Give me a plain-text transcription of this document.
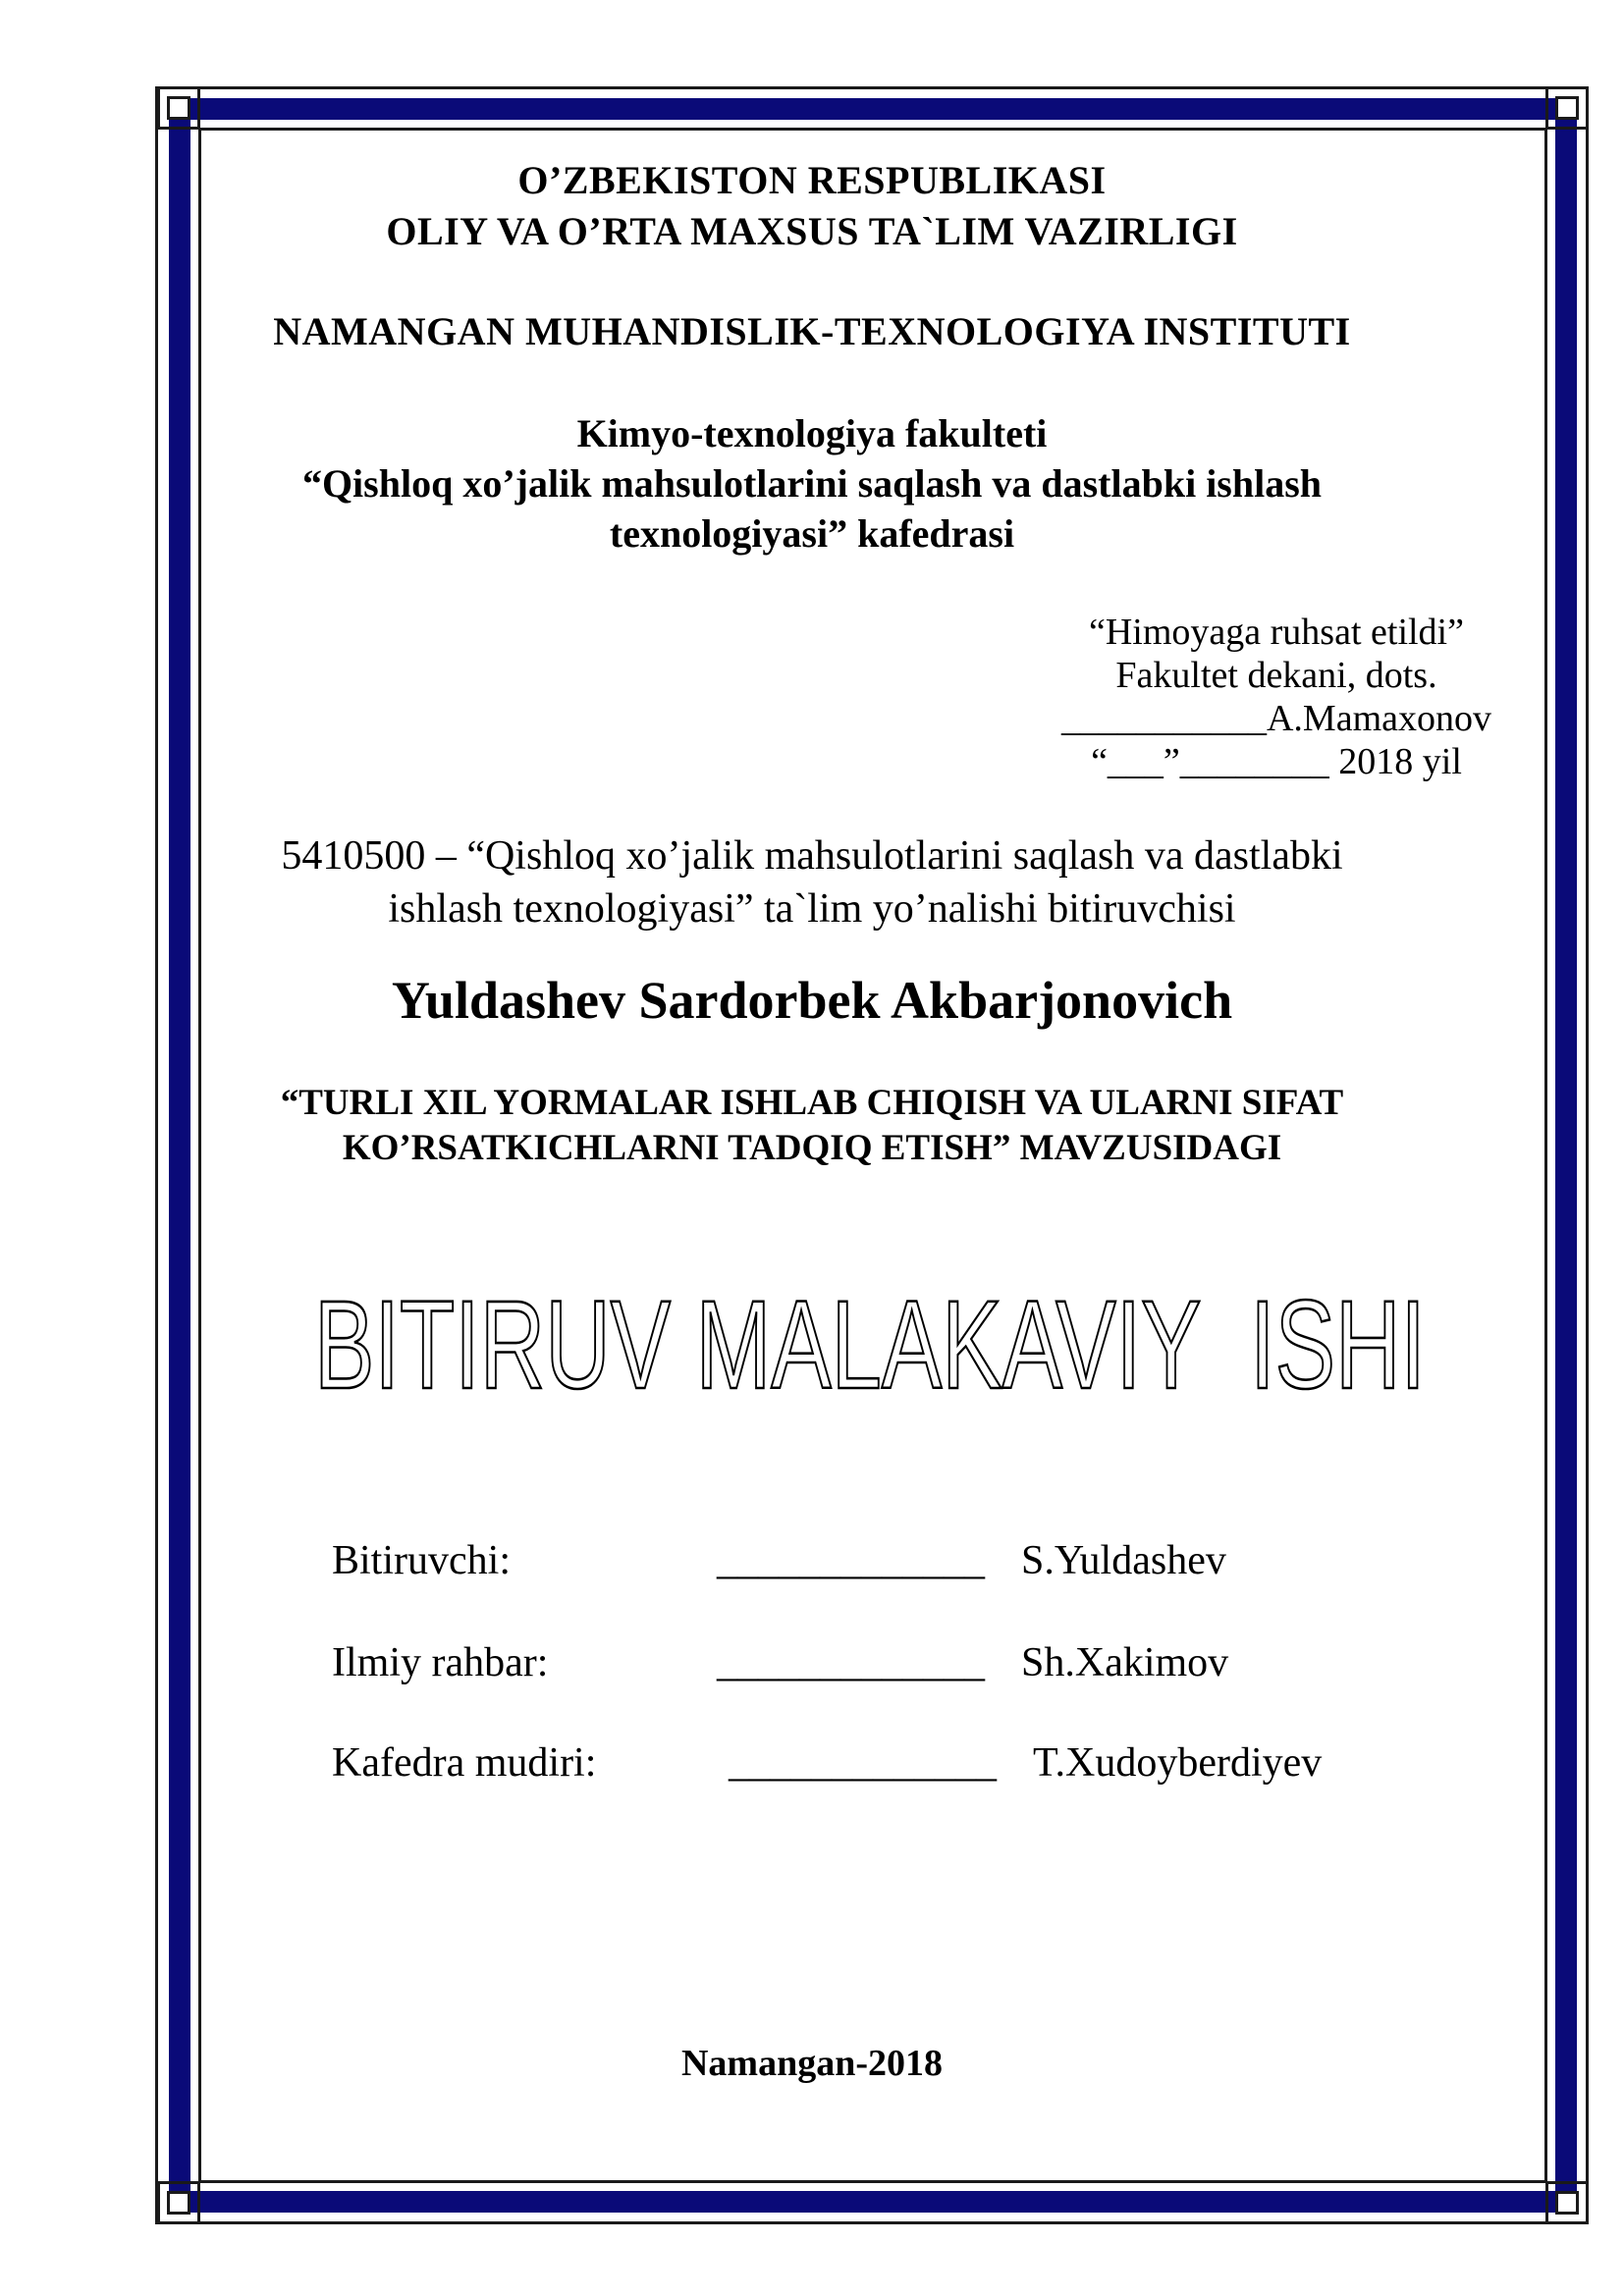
O’ZBEKISTON RESPUBLIKASI
OLIY VA O’RTA MAXSUS TA`LIM VAZIRLIGI
NAMANGAN MUHANDISLIK-TEXNOLOGIYA INSTITUTI
Kimyo-texnologiya fakulteti
“Qishloq xo’jalik mahsulotlarini saqlash va dastlabki ishlash
texnologiyasi” kafedrasi
“Himoyaga ruhsat etildi”
Fakultet dekani, dots.
___________A.Mamaxonov
“___”________ 2018 yil
5410500 – “Qishloq xo’jalik mahsulotlarini saqlash va dastlabki
ishlash texnologiyasi” ta`lim yo’nalishi bitiruvchisi
Yuldashev Sardorbek Akbarjonovich
“TURLI XIL YORMALAR ISHLAB CHIQISH VA ULARNI SIFAT
KO’RSATKICHLARNI TADQIQ ETISH” MAVZUSIDAGI
BITIRUV MALAKAVIY  ISHI
Bitiruvchi:	_____________ S.Yuldashev
Ilmiy rahbar:	_____________ Sh.Xakimov
Kafedra mudiri:	_____________ T.Xudoyberdiyev
Namangan-2018
